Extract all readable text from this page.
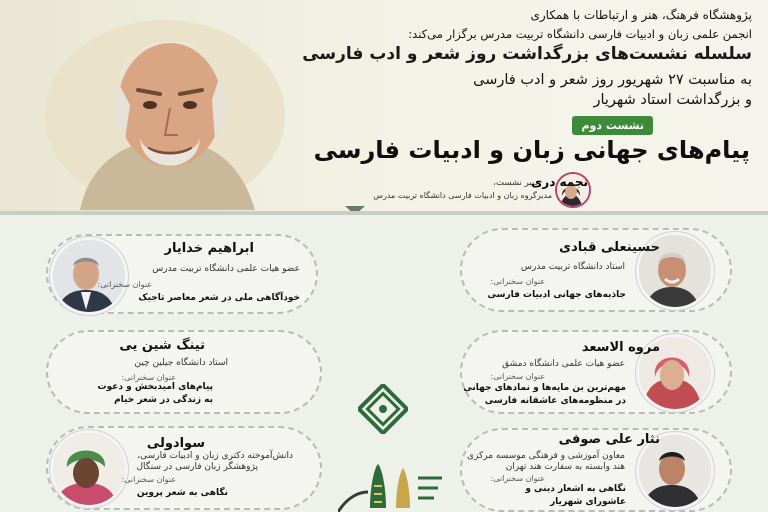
پژوهشگاه فرهنگ، هنر و ارتباطات با همکاری
انجمن علمی زبان و ادبیات فارسی دانشگاه تربیت مدرس برگزار می‌کند:
سلسله نشست‌های بزرگداشت روز شعر و ادب فارسی
به مناسبت ۲۷ شهریور روز شعر و ادب فارسی
و بزرگداشت استاد شهریار
نشست دوم
پیام‌های جهانی زبان و ادبیات فارسی
دبیر نشست،
نجمه دری
مدیرگروه زبان و ادبیات فارسی دانشگاه تربیت مدرس
حسینعلی قبادی
استاد دانشگاه تربیت مدرس
عنوان سخنرانی:
جاذبه‌های جهانی ادبیات فارسی
مروه الاسعد
عضو هیات علمی دانشگاه دمشق
عنوان سخنرانی:
مهم‌ترین بن مایه‌ها و نمادهای جهانی
در منظومه‌های عاشقانه فارسی
نثار علی صوفی
معاون آموزشی و فرهنگی موسسه مرکزی
هند وابسته به سفارت هند تهران
عنوان سخنرانی:
نگاهی به اشعار دینی و
عاشورای شهریار
ابراهیم خدایار
عضو هیات علمی دانشگاه تربیت مدرس
عنوان سخنرانی:
خودآگاهی ملی در شعر معاصر تاجیک
تینگ شین یی
استاد دانشگاه جیلین چین
عنوان سخنرانی:
پیام‌های امیدبخش و دعوت
به زندگی در شعر خیام
سوادولی
دانش‌آموخته دکتری زبان و ادبیات فارسی،
پژوهشگر زبان فارسی در سنگال
عنوان سخنرانی:
نگاهی به شعر پروین
